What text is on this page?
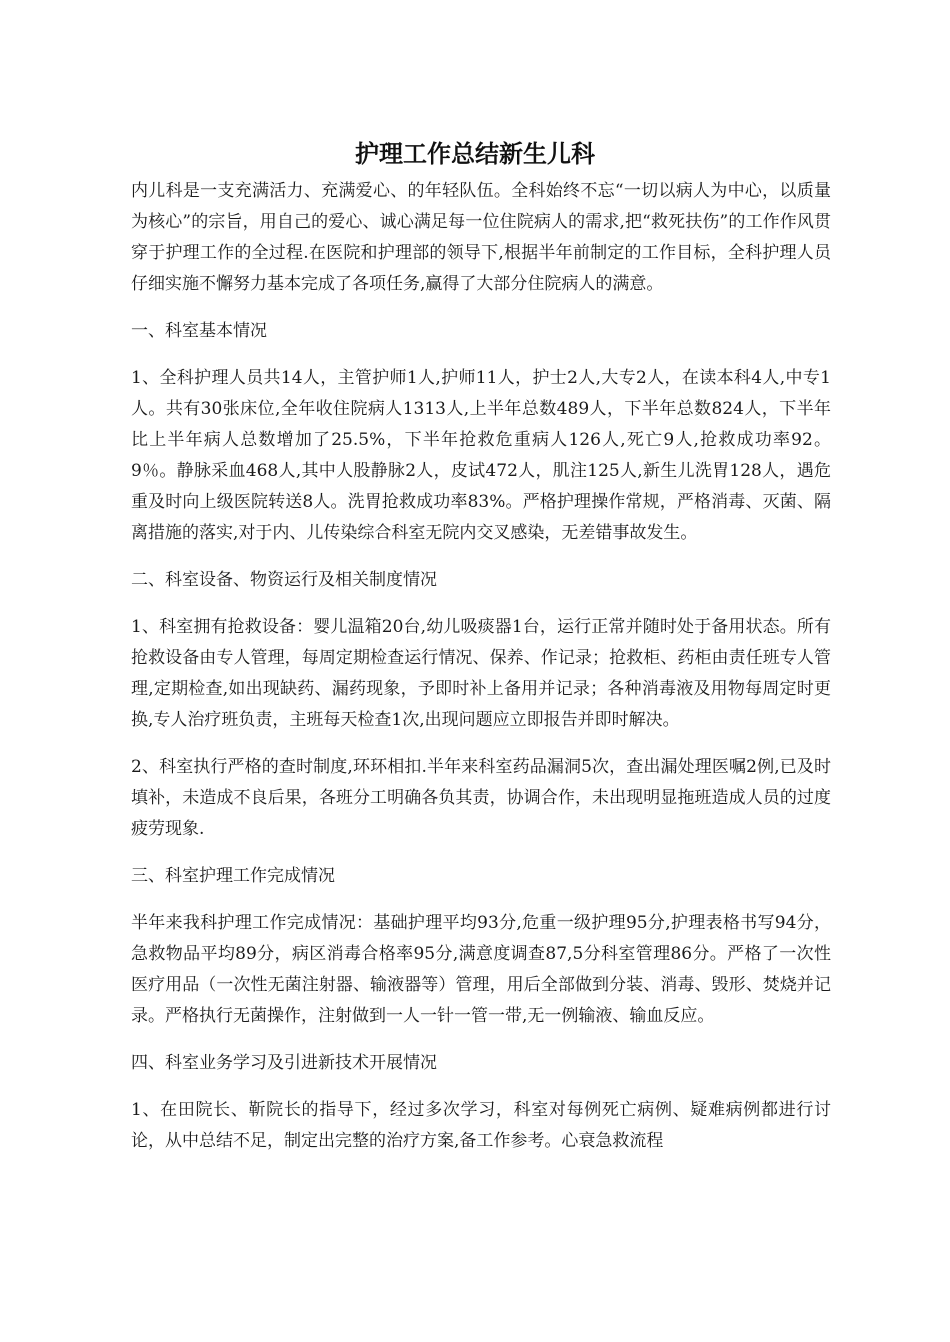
护理工作总结新生儿科

内儿科是一支充满活力、充满爱心、的年轻队伍。全科始终不忘“一切以病人为中心，以质量为核心”的宗旨，用自己的爱心、诚心满足每一位住院病人的需求,把“救死扶伤”的工作作风贯穿于护理工作的全过程.在医院和护理部的领导下,根据半年前制定的工作目标，全科护理人员仔细实施不懈努力基本完成了各项任务,赢得了大部分住院病人的满意。

一、科室基本情况

1、全科护理人员共14人，主管护师1人,护师11人，护士2人,大专2人，在读本科4人,中专1人。共有30张床位,全年收住院病人1313人,上半年总数489人，下半年总数824人，下半年比上半年病人总数增加了25.5%，下半年抢救危重病人126人,死亡9人,抢救成功率92。9％。静脉采血468人,其中人股静脉2人，皮试472人，肌注125人,新生儿洗胃128人，遇危重及时向上级医院转送8人。洗胃抢救成功率83%。严格护理操作常规，严格消毒、灭菌、隔离措施的落实,对于内、儿传染综合科室无院内交叉感染，无差错事故发生。

二、科室设备、物资运行及相关制度情况

1、科室拥有抢救设备：婴儿温箱20台,幼儿吸痰器1台，运行正常并随时处于备用状态。所有抢救设备由专人管理，每周定期检查运行情况、保养、作记录；抢救柜、药柜由责任班专人管理,定期检查,如出现缺药、漏药现象，予即时补上备用并记录；各种消毒液及用物每周定时更换,专人治疗班负责，主班每天检查1次,出现问题应立即报告并即时解决。

2、科室执行严格的查时制度,环环相扣.半年来科室药品漏洞5次，查出漏处理医嘱2例,已及时填补，未造成不良后果，各班分工明确各负其责，协调合作，未出现明显拖班造成人员的过度疲劳现象.

三、科室护理工作完成情况

半年来我科护理工作完成情况：基础护理平均93分,危重一级护理95分,护理表格书写94分，急救物品平均89分，病区消毒合格率95分,满意度调查87,5分科室管理86分。严格了一次性医疗用品（一次性无菌注射器、输液器等）管理，用后全部做到分装、消毒、毁形、焚烧并记录。严格执行无菌操作，注射做到一人一针一管一带,无一例输液、输血反应。

四、科室业务学习及引进新技术开展情况

1、在田院长、靳院长的指导下，经过多次学习，科室对每例死亡病例、疑难病例都进行讨论，从中总结不足，制定出完整的治疗方案,备工作参考。心衰急救流程
